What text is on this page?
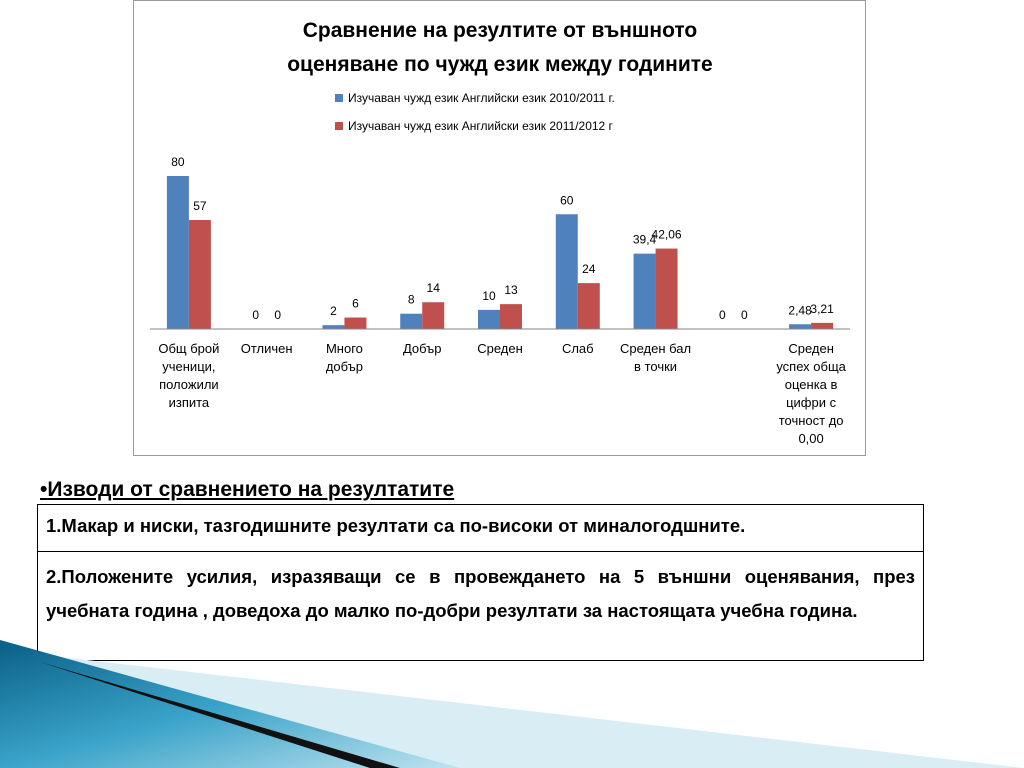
Сравнение на резултите от външното
оценяване по чужд език между годините
Изучаван чужд език Английски език 2010/2011 г.
Изучаван чужд език Английски език 2011/2012 г
80
0	2
8	10
60
39,4
0	2,48
57
0
6
14	13
24
42,06
0	3,21
Общ брой
ученици,
положили
изпита
Отличен	Много
добър
Добър	Среден	Слаб Среден бал
в точки
Среден
успех обща
оценка в
цифри с
точност до
0,00
•Изводи от сравнението на резултатите
1.Макар и ниски, тазгодишните резултати са по-високи от миналогодшните.
2.Положените усилия, изразяващи се в провеждането на 5 външни оценявания, през учебната година , доведоха до малко по-добри резултати за настоящата учебна година.
